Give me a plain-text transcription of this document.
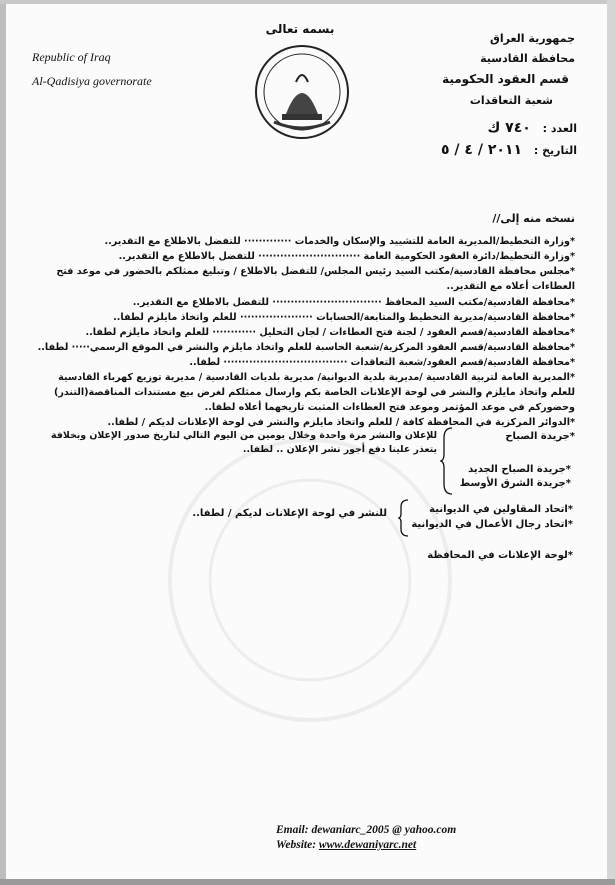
Republic of Iraq
Al-Qadisiya governorate
بسمه تعالى
جمهورية العراق
محافظة القادسية
قسم العقود الحكومية
شعبة التعاقدات
العدد : ٧٤٠ ك
التاريخ : ٢٠١١ / ٤ / ٥
نسخه منه إلى//
*وزارة التخطيط/المديرية العامة للتشييد والإسكان والخدمات ············· للتفضل بالاطلاع مع التقدير..
*وزارة التخطيط/دائرة العقود الحكومية العامة ···························· للتفضل بالاطلاع مع التقدير..
*مجلس محافظة القادسية/مكتب السيد رئيس المجلس/ للتفضل بالاطلاع / وتبليغ ممثلكم بالحضور في موعد فتح
العطاءات أعلاه مع التقدير..
*محافظة القادسية/مكتب السيد المحافظ ······························ للتفضل بالاطلاع مع التقدير..
*محافظة القادسية/مديرية التخطيط والمتابعة/الحسابات ···················· للعلم واتخاذ مايلزم لطفا..
*محافظة القادسية/قسم العقود / لجنة فتح العطاءات / لجان التحليل ············ للعلم واتخاذ مايلزم لطفا..
*محافظة القادسية/قسم العقود المركزية/شعبة الحاسبة للعلم واتخاذ مايلزم والنشر في الموقع الرسمي····· لطفا..
*محافظة القادسية/قسم العقود/شعبة التعاقدات ·································· لطفا..
*المديرية العامة لتربية القادسية /مديرية بلدية الديوانية/ مديرية بلديات القادسية / مديرية توزيع كهرباء القادسية
للعلم واتخاذ مايلزم والنشر في لوحة الإعلانات الخاصة بكم وارسال ممثلكم لغرض بيع مستندات المناقصة(التندر)
وحضوركم في موعد المؤتمر وموعد فتح العطاءات المثبت تاريخهما أعلاه لطفا..
*الدوائر المركزية في المحافظة كافة / للعلم واتخاذ مايلزم والنشر في لوحة الإعلانات لديكم / لطفا..
*جريدة الصباح
*جريدة الصباح الجديد
*جريدة الشرق الأوسط
للإعلان والنشر مرة واحدة وخلال يومين من اليوم التالي لتاريخ صدور الإعلان وبخلافة
يتعذر علينا دفع أجور نشر الإعلان .. لطفا..
*اتحاد المقاولين في الديوانية
*اتحاد رجال الأعمال في الديوانية
للنشر في لوحة الإعلانات لديكم / لطفا..
*لوحة الإعلانات في المحافظة
Email: dewaniarc_2005 @ yahoo.com
Website: www.dewaniyarc.net
